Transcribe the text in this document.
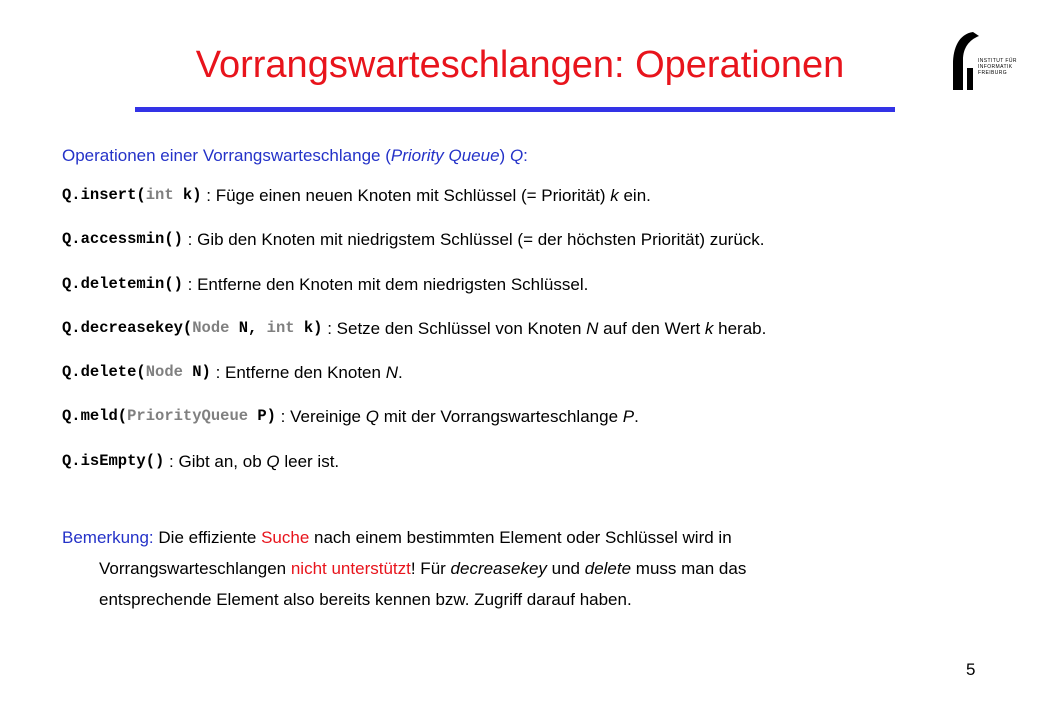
Vorrangswarteschlangen: Operationen	INSTITUT FÜR
INFORMATIK
FREIBURG
Operationen einer Vorrangswarteschlange (Priority Queue) Q:
Q.insert(int k) : Füge einen neuen Knoten mit Schlüssel (= Priorität) k ein.
Q.accessmin() : Gib den Knoten mit niedrigstem Schlüssel (= der höchsten Priorität) zurück.
Q.deletemin() : Entferne den Knoten mit dem niedrigsten Schlüssel.
Q.decreasekey(Node N, int k) : Setze den Schlüssel von Knoten N auf den Wert k herab.
Q.delete(Node N) : Entferne den Knoten N.
Q.meld(PriorityQueue P) : Vereinige Q mit der Vorrangswarteschlange P.
Q.isEmpty() : Gibt an, ob Q leer ist.
Bemerkung: Die effiziente Suche nach einem bestimmten Element oder Schlüssel wird in
Vorrangswarteschlangen nicht unterstützt! Für decreasekey und delete muss man das
entsprechende Element also bereits kennen bzw. Zugriff darauf haben.
5
